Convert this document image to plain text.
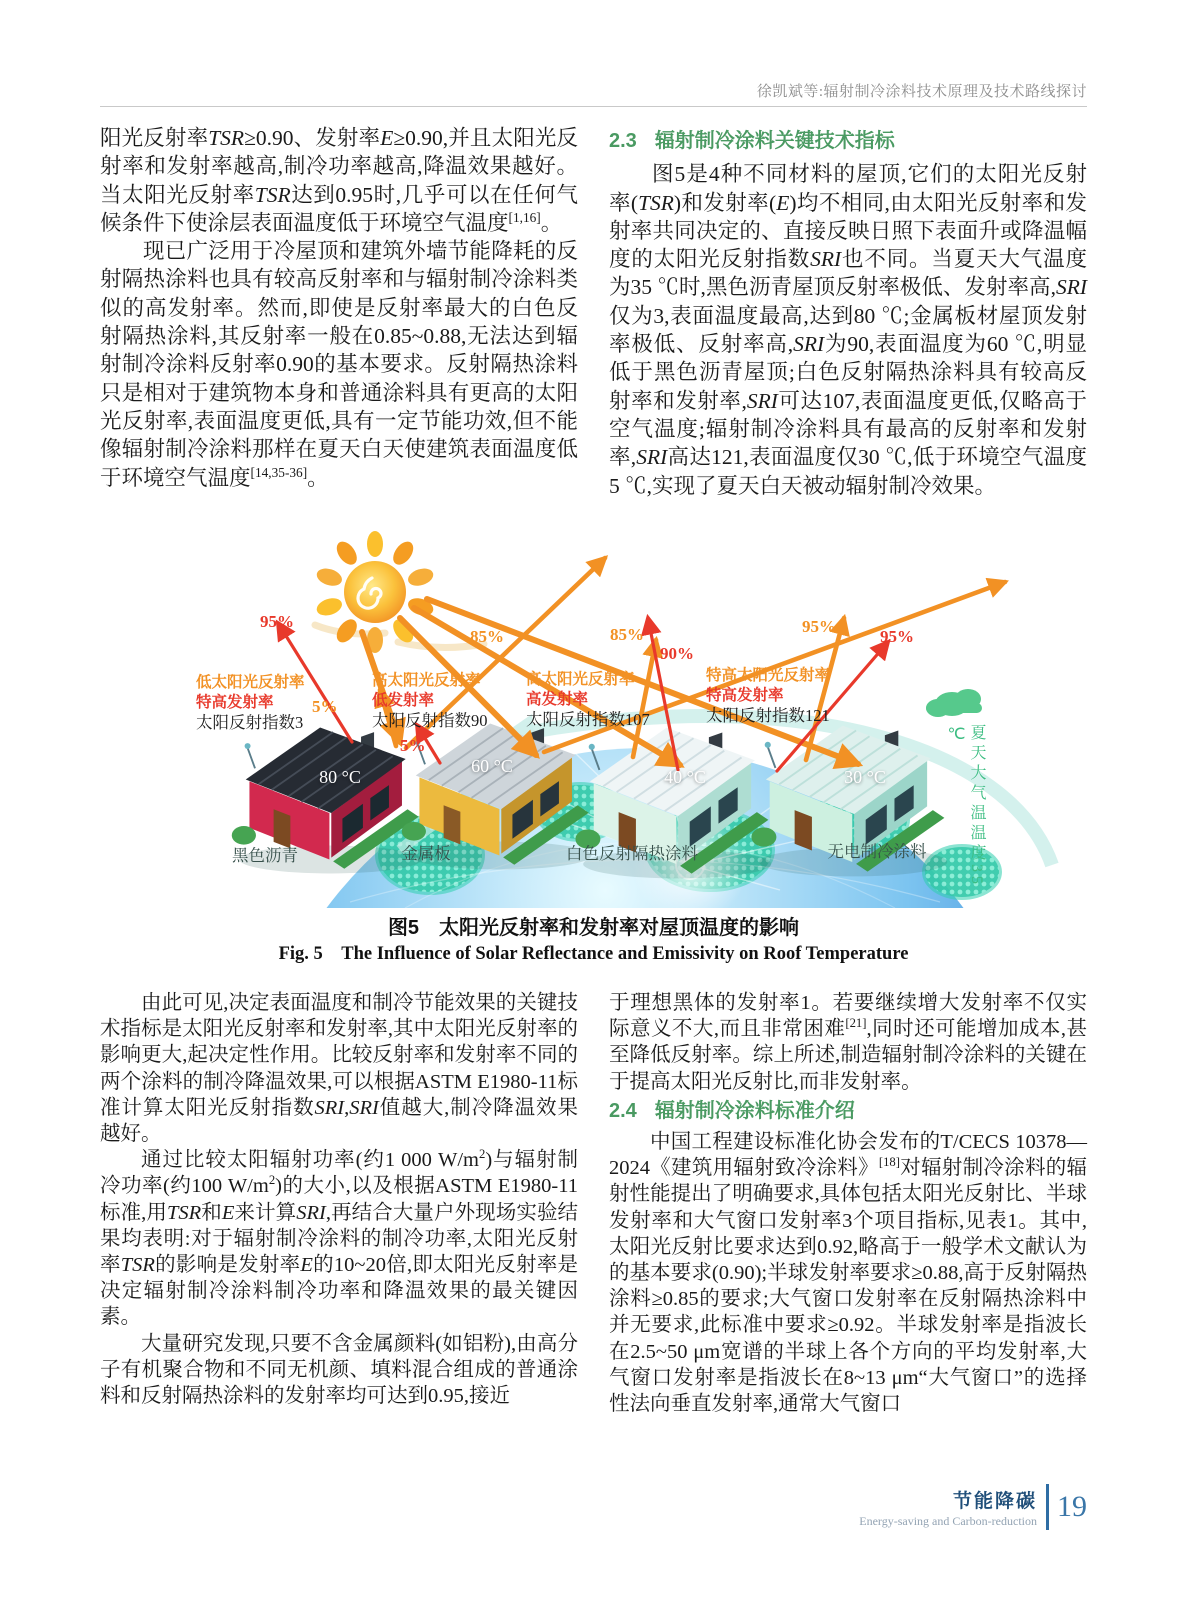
徐凯斌等:辐射制冷涂料技术原理及技术路线探讨

阳光反射率TSR≥0.90、发射率E≥0.90,并且太阳光反射率和发射率越高,制冷功率越高,降温效果越好。当太阳光反射率TSR达到0.95时,几乎可以在任何气候条件下使涂层表面温度低于环境空气温度[1,16]。

现已广泛用于冷屋顶和建筑外墙节能降耗的反射隔热涂料也具有较高反射率和与辐射制冷涂料类似的高发射率。然而,即使是反射率最大的白色反射隔热涂料,其反射率一般在0.85~0.88,无法达到辐射制冷涂料反射率0.90的基本要求。反射隔热涂料只是相对于建筑物本身和普通涂料具有更高的太阳光反射率,表面温度更低,具有一定节能功效,但不能像辐射制冷涂料那样在夏天白天使建筑表面温度低于环境空气温度[14,35-36]。

2.3 辐射制冷涂料关键技术指标

图5是4种不同材料的屋顶,它们的太阳光反射率(TSR)和发射率(E)均不相同,由太阳光反射率和发射率共同决定的、直接反映日照下表面升或降温幅度的太阳光反射指数SRI也不同。当夏天大气温度为35 ℃时,黑色沥青屋顶反射率极低、发射率高,SRI仅为3,表面温度最高,达到80 ℃;金属板材屋顶发射率极低、反射率高,SRI为90,表面温度为60 ℃,明显低于黑色沥青屋顶;白色反射隔热涂料具有较高反射率和发射率,SRI可达107,表面温度更低,仅略高于空气温度;辐射制冷涂料具有最高的反射率和发射率,SRI高达121,表面温度仅30 ℃,低于环境空气温度5 ℃,实现了夏天白天被动辐射制冷效果。

95%
5%
85%
5%
85%
90%
95%
95%
低太阳光反射率
特高发射率
太阳反射指数3
高太阳光反射率
低发射率
太阳反射指数90
高太阳光反射率
高发射率
太阳反射指数107
特高太阳光反射率
特高发射率
太阳反射指数121
80 °C
60 °C
40 °C	30 °C
黑色沥青	金属板	白色反射隔热涂料	无电制冷涂料	夏天大气温温度35 ℃
图5　太阳光反射率和发射率对屋顶温度的影响
Fig. 5　The Influence of Solar Reflectance and Emissivity on Roof Temperature

由此可见,决定表面温度和制冷节能效果的关键技术指标是太阳光反射率和发射率,其中太阳光反射率的影响更大,起决定性作用。比较反射率和发射率不同的两个涂料的制冷降温效果,可以根据ASTM E1980-11标准计算太阳光反射指数SRI,SRI值越大,制冷降温效果越好。

通过比较太阳辐射功率(约1 000 $W/m^2$)与辐射制冷功率(约100 $W/m^2$)的大小,以及根据ASTM E1980-11标准,用TSR和E来计算SRI,再结合大量户外现场实验结果均表明:对于辐射制冷涂料的制冷功率,太阳光反射率TSR的影响是发射率E的10~20倍,即太阳光反射率是决定辐射制冷涂料制冷功率和降温效果的最关键因素。

大量研究发现,只要不含金属颜料(如铝粉),由高分子有机聚合物和不同无机颜、填料混合组成的普通涂料和反射隔热涂料的发射率均可达到0.95,接近

于理想黑体的发射率1。若要继续增大发射率不仅实际意义不大,而且非常困难[21],同时还可能增加成本,甚至降低反射率。综上所述,制造辐射制冷涂料的关键在于提高太阳光反射比,而非发射率。

2.4 辐射制冷涂料标准介绍

中国工程建设标准化协会发布的T/CECS 10378—2024《建筑用辐射致冷涂料》[18]对辐射制冷涂料的辐射性能提出了明确要求,具体包括太阳光反射比、半球发射率和大气窗口发射率3个项目指标,见表1。其中,太阳光反射比要求达到0.92,略高于一般学术文献认为的基本要求(0.90);半球发射率要求≥0.88,高于反射隔热涂料≥0.85的要求;大气窗口发射率在反射隔热涂料中并无要求,此标准中要求≥0.92。半球发射率是指波长在2.5~50 μm宽谱的半球上各个方向的平均发射率,大气窗口发射率是指波长在8~13 μm“大气窗口”的选择性法向垂直发射率,通常大气窗口

节能降碳
Energy-saving and Carbon-reduction 19
